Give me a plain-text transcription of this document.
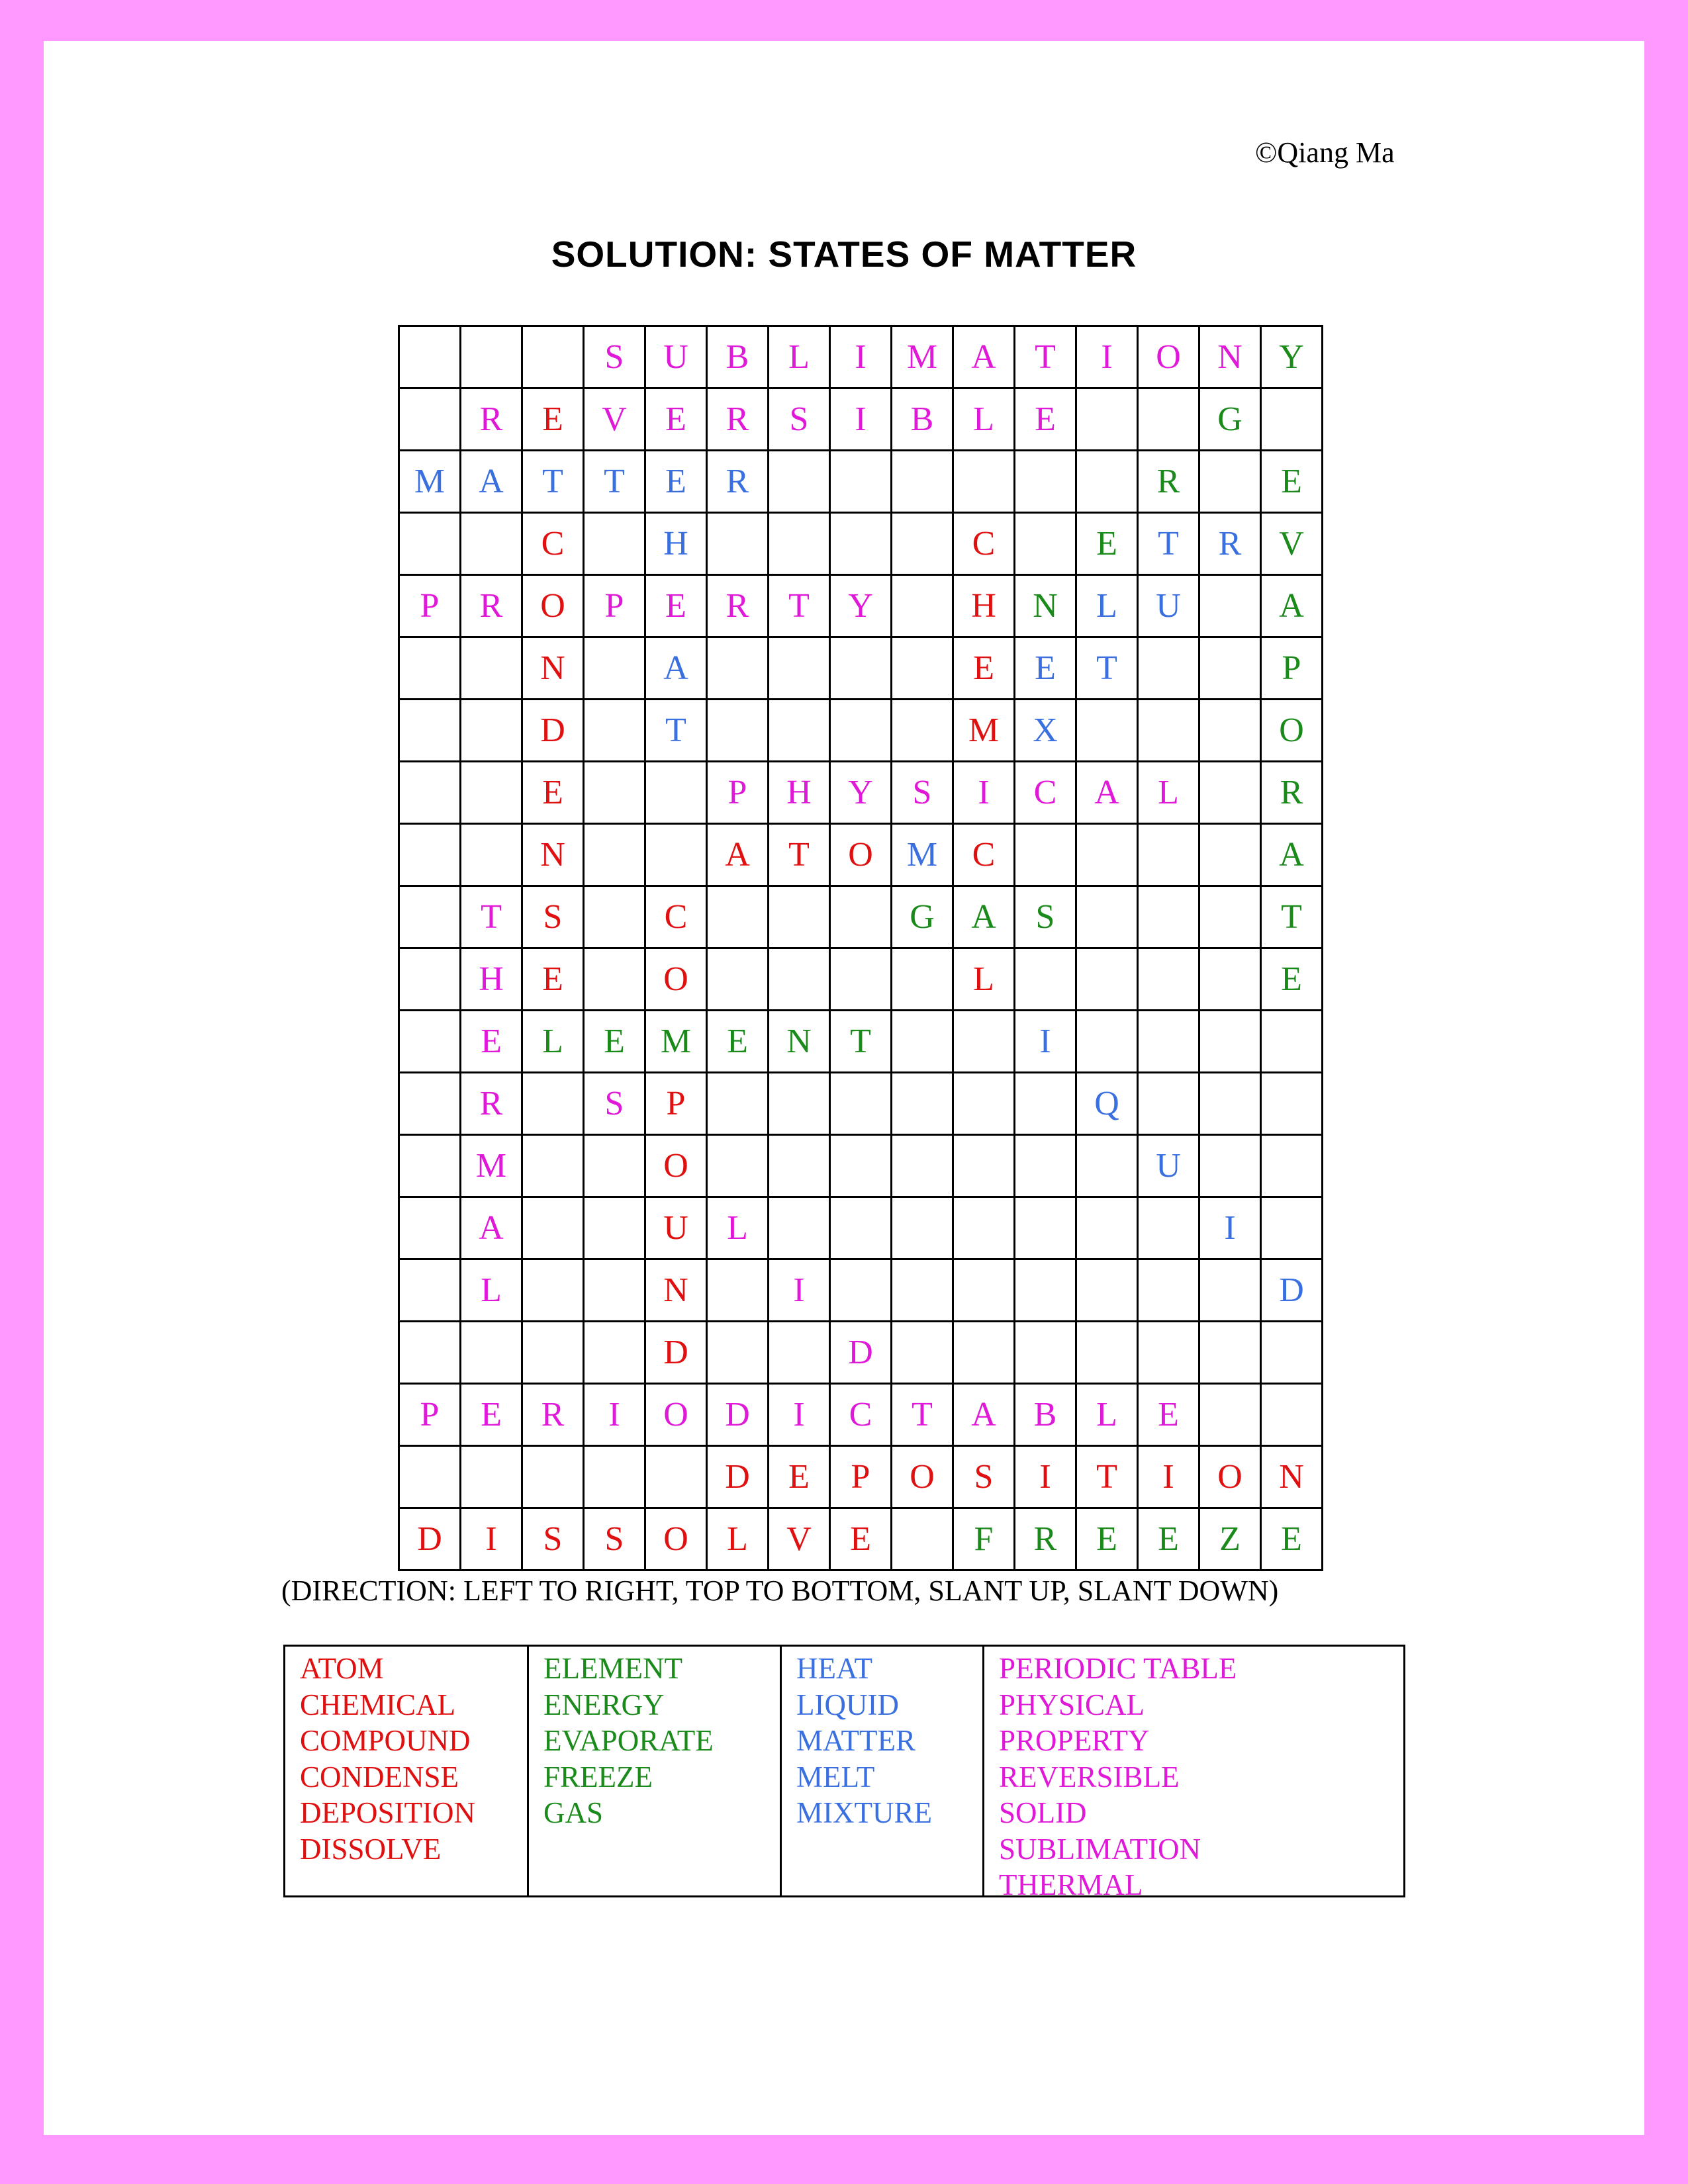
©Qiang Ma
SOLUTION: STATES OF MATTER
			S	U	B	L	I	M	A	T	I	O	N	Y
	R	E	V	E	R	S	I	B	L	E			G	
M	A	T	T	E	R							R		E
		C		H					C		E	T	R	V
P	R	O	P	E	R	T	Y		H	N	L	U		A
		N		A					E	E	T			P
		D		T					M	X				O
		E			P	H	Y	S	I	C	A	L		R
		N			A	T	O	M	C					A
	T	S		C				G	A	S				T
	H	E		O					L					E
	E	L	E	M	E	N	T			I				
	R		S	P							Q			
	M			O								U		
	A			U	L								I	
	L			N		I								D
				D			D							
P	E	R	I	O	D	I	C	T	A	B	L	E		
					D	E	P	O	S	I	T	I	O	N
D	I	S	S	O	L	V	E		F	R	E	E	Z	E
(DIRECTION: LEFT TO RIGHT, TOP TO BOTTOM, SLANT UP, SLANT DOWN)
ATOM
CHEMICAL
COMPOUND
CONDENSE
DEPOSITION
DISSOLVE
ELEMENT
ENERGY
EVAPORATE
FREEZE
GAS
HEAT
LIQUID
MATTER
MELT
MIXTURE
PERIODIC TABLE
PHYSICAL
PROPERTY
REVERSIBLE
SOLID
SUBLIMATION
THERMAL
